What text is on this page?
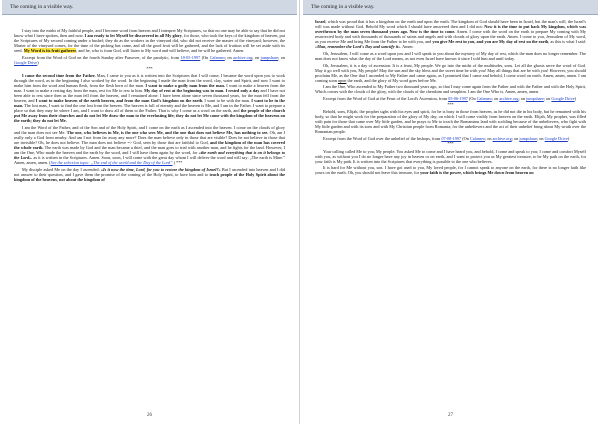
The coming in a visible way.

I stay into the midst of My faithful people, and I become word from heaven and I interpret My Scriptures, so that no one may be able to say that he did not know what I have spoken, then and now. I am ready to let Myself be discovered in all My glory, for those, who took the keys of the kingdom of heaven, put the Scriptures of My second coming under a bushel; they do as the workers in the vineyard did, who did not receive the master of the vineyard; however, the Master of the vineyard comes, for the time of the picking has come, and all the good fruit will be gathered, and the lack of fruition will be set aside with its seed. My Word is its fruit gatherer, and he, who is from God, will listen to My word and will believe, and he will be gathered. Amen.

Excerpt from the Word of God on the fourth Sunday after Passover, of the paralytic, from 18-05-1997 (On Calameo; on archive.org; on jumpshare; on Google Drive)

***

I came the second time from the Father. Man, I came to you as it is written into the Scriptures that I will come; I became the word upon you to work through the word, as in the beginning I also worked by the word. In the beginning I made the man from the word, clay, water and Spirit, and now I want to make him from the word and human flesh, from the flesh born of the man. I want to make a godly man from the man. I want to make a heaven from the man. I want to make a resting day from the man, rest for Me to rest in him. My day of rest at the beginning was in man. I rested only a day and I have not been able to rest since then as the man fell from the heaven, and I remained alone. I have been alone since seven thousand years, for the man fell from the heaven, and I want to make heaven of the earth heaven, and from the man God's kingdom on the earth. I want to be with the man. I want to be in the man. The lost man, I want to find the one lost from the heaven. The heaven is full of eternity and the heaven is Me, and I am in the Father. I want to prepare a place so that they may be where I am, and I want to draw all of them to the Father. That is why I come as a word on the earth, and the people of the church put Me away from their churches and do not let Me draw the man to the everlasting life; they do not let Me come with the kingdom of the heavens on the earth; they do not let Me.

I am the Word of the Father, and of the Son and of the Holy Spirit, and I come on the earth as I ascended into the heaven. I come on the clouds of glory and the man does not see Me. The one, who believes in Me, is the one who sees Me, and the one that does not believe Me, has nothing to see. Oh, am I really only a God from nearby. And am I not from far away any more? Does the man believe only in those that are visible? Does he not believe in those that are invisible? Oh, he does not believe. The man does not believe => God, seen by those that are faithful to God, and the kingdom of the man has covered the whole earth. The earth was made by God and the man became a thief, and the man goes to trial with another man, and he fights for the land. However, I am the One, Who made the heaven and the earth by the word, and I will have them again by the word, for «the earth and everything that is on it belongs to the Lord». as it is written in the Scriptures. Amen. Soon, soon, I will come with the great day whom I will deliver the word and will say: „The earth is Mine.” Amen, amen, amen. (See the selection topic: „The end of the world and the Day of the Lord”.) ***

My disciple asked Me on the day I ascended: «Is it now the time, Lord, for you to restore the kingdom of Israel?» But I ascended into heaven and I did not answer to their question, and I gave them the promise of the coming of the Holy Spirit, to have him and to teach people of the Holy Spirit about the kingdom of the heavens, not about the kingdom of

26
The coming in a visible way.

Israel, which was proud that it has a kingdom on the earth and upon the earth. The kingdom of God should have been in Israel, but the man's will, the Israel's will was made without God. Behold My word which I should have answered then and I did not: Now it is the time to put back My kingdom, which was overthrown by the man seven thousand years ago. Now is the time to come. Amen. I come with the word on the earth to prepare My coming with My resurrected body and with thousands of thousands of saints and angels and with clouds of glory upon the earth. Amen. I come to you, Jerusalem of My word, as you receive Me and bring Me from the Father to be with you, and you give Me rest in you, and you are My day of rest on the earth, as this is what I said: «Man, remember the Lord's Day and sanctify it». Amen.

Oh, Jerusalem, I will come as a word upon you and I will speak to you about the mystery of My day of rest, which the man does no longer remember. The man does not know what the day of the Lord means, as not even Israel have known it since I told him and until today.

Oh, Jerusalem, it is a day of ascension. It is a feast, My people. We go into the midst of the multitudes, sons. Let all the ghosts serve the word of God. May it go well with you, My people! May the sun and the sky bless and the sweet time be with you! May all things that are be with you! However, you should proclaim Me, as the One that I ascended to My Father and came again, as I promised that I came and behold, I come word on earth. Amen, amen, amen. I am coming soon upon the earth, and the glory of My word goes before Me.

I am the One, Who ascended to My Father two thousand years ago, so that I may come again from the Father and with the Father and with the Holy Spirit, Which comes with the clouds of the glory, with the clouds of the cherubim and seraphim. I am the One Who is. Amen, amen, amen.

Excerpt from the Word of God at the Feast of the Lord's Ascension, from 05-06-1997 (On Calameo; on archive.org; on jumpshare; on Google Drive)

***

Behold, sons, Elijah, the prophet sighs with his eyes and spirit, for he is busy in those from heaven, as he did not die in his body, but he remained with his body, so that he might work for the preparation of the glory of My day, on which I will come visibly from heaven on the earth. Elijah, My prophet, was filled with pain for those that came over My little garden, and he prays to Me to touch the Romanians land with scolding because of the unbelievers, who fight with My little garden and with its sons and with My Christian people from Romania; for the unbelievers and the act of their unbelief bring about My wrath over the Romanian people.

Excerpt from the Word of God over the unbelief of the bishops, from 07-08-1997 (On Calameo; on archive.org; on jumpshare; on Google Drive)

***

Your calling called Me to you, My people. You asked Me to come and I have heard you, and behold, I come and speak to you; I come and comfort Myself with you, as without you I do no longer have any joy in heaven or on earth, and I want to protect you as My greatest treasure, to be My path on the earth, for your faith is My path. It is written into the Scriptures that everything is possible to the one who believes.

It is hard for Me without you, son. I have got used to you, My loved people, for I cannot speak to anyone on the earth, for there is no longer faith like yours on the earth. Oh, you should not leave this treasure, for your faith is the power, which brings Me down from heaven on

27
